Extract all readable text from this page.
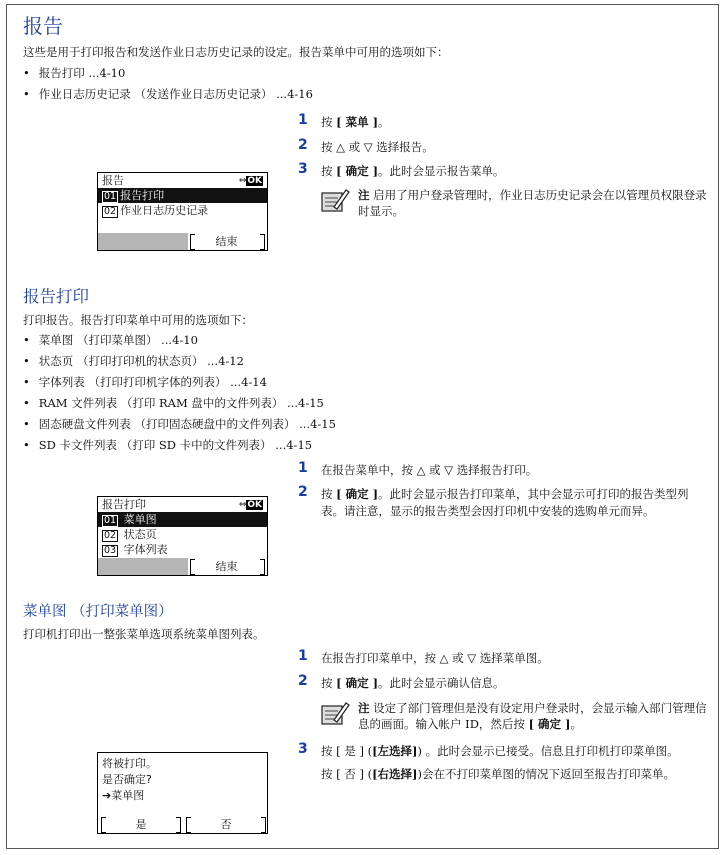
报告
这些是用于打印报告和发送作业日志历史记录的设定。报告菜单中可用的选项如下：
• 报告打印 ...4-10
• 作业日志历史记录 （发送作业日志历史记录） ...4-16
1 按 [ 菜单 ]。
2 按 △ 或 ▽ 选择报告。
3 按 [ 确定 ]。此时会显示报告菜单。
注 启用了用户登录管理时，作业日志历史记录会在以管理员权限登录时显示。
报告	⇔OK
01 报告打印
02 作业日志历史记录
结束
报告打印
打印报告。报告打印菜单中可用的选项如下：
• 菜单图 （打印菜单图） ...4-10
• 状态页 （打印打印机的状态页） ...4-12
• 字体列表 （打印打印机字体的列表） ...4-14
• RAM 文件列表 （打印 RAM 盘中的文件列表） ...4-15
• 固态硬盘文件列表 （打印固态硬盘中的文件列表） ...4-15
• SD 卡文件列表 （打印 SD 卡中的文件列表） ...4-15
1 在报告菜单中，按 △ 或 ▽ 选择报告打印。
2 按 [ 确定 ]。此时会显示报告打印菜单，其中会显示可打印的报告类型列表。请注意，显示的报告类型会因打印机中安装的选购单元而异。
报告打印	⇔OK
01 菜单图
02 状态页
03 字体列表
结束
菜单图 （打印菜单图）
打印机打印出一整张菜单选项系统菜单图列表。
1 在报告打印菜单中，按 △ 或 ▽ 选择菜单图。
2 按 [ 确定 ]。此时会显示确认信息。
注 设定了部门管理但是没有设定用户登录时，会显示输入部门管理信息的画面。输入帐户 ID，然后按 [ 确定 ]。
3 按 [ 是 ] ([左选择]) 。此时会显示已接受。信息且打印机打印菜单图。
按 [ 否 ] ([右选择])会在不打印菜单图的情况下返回至报告打印菜单。
将被打印。
是否确定?
➔菜单图
是	否
